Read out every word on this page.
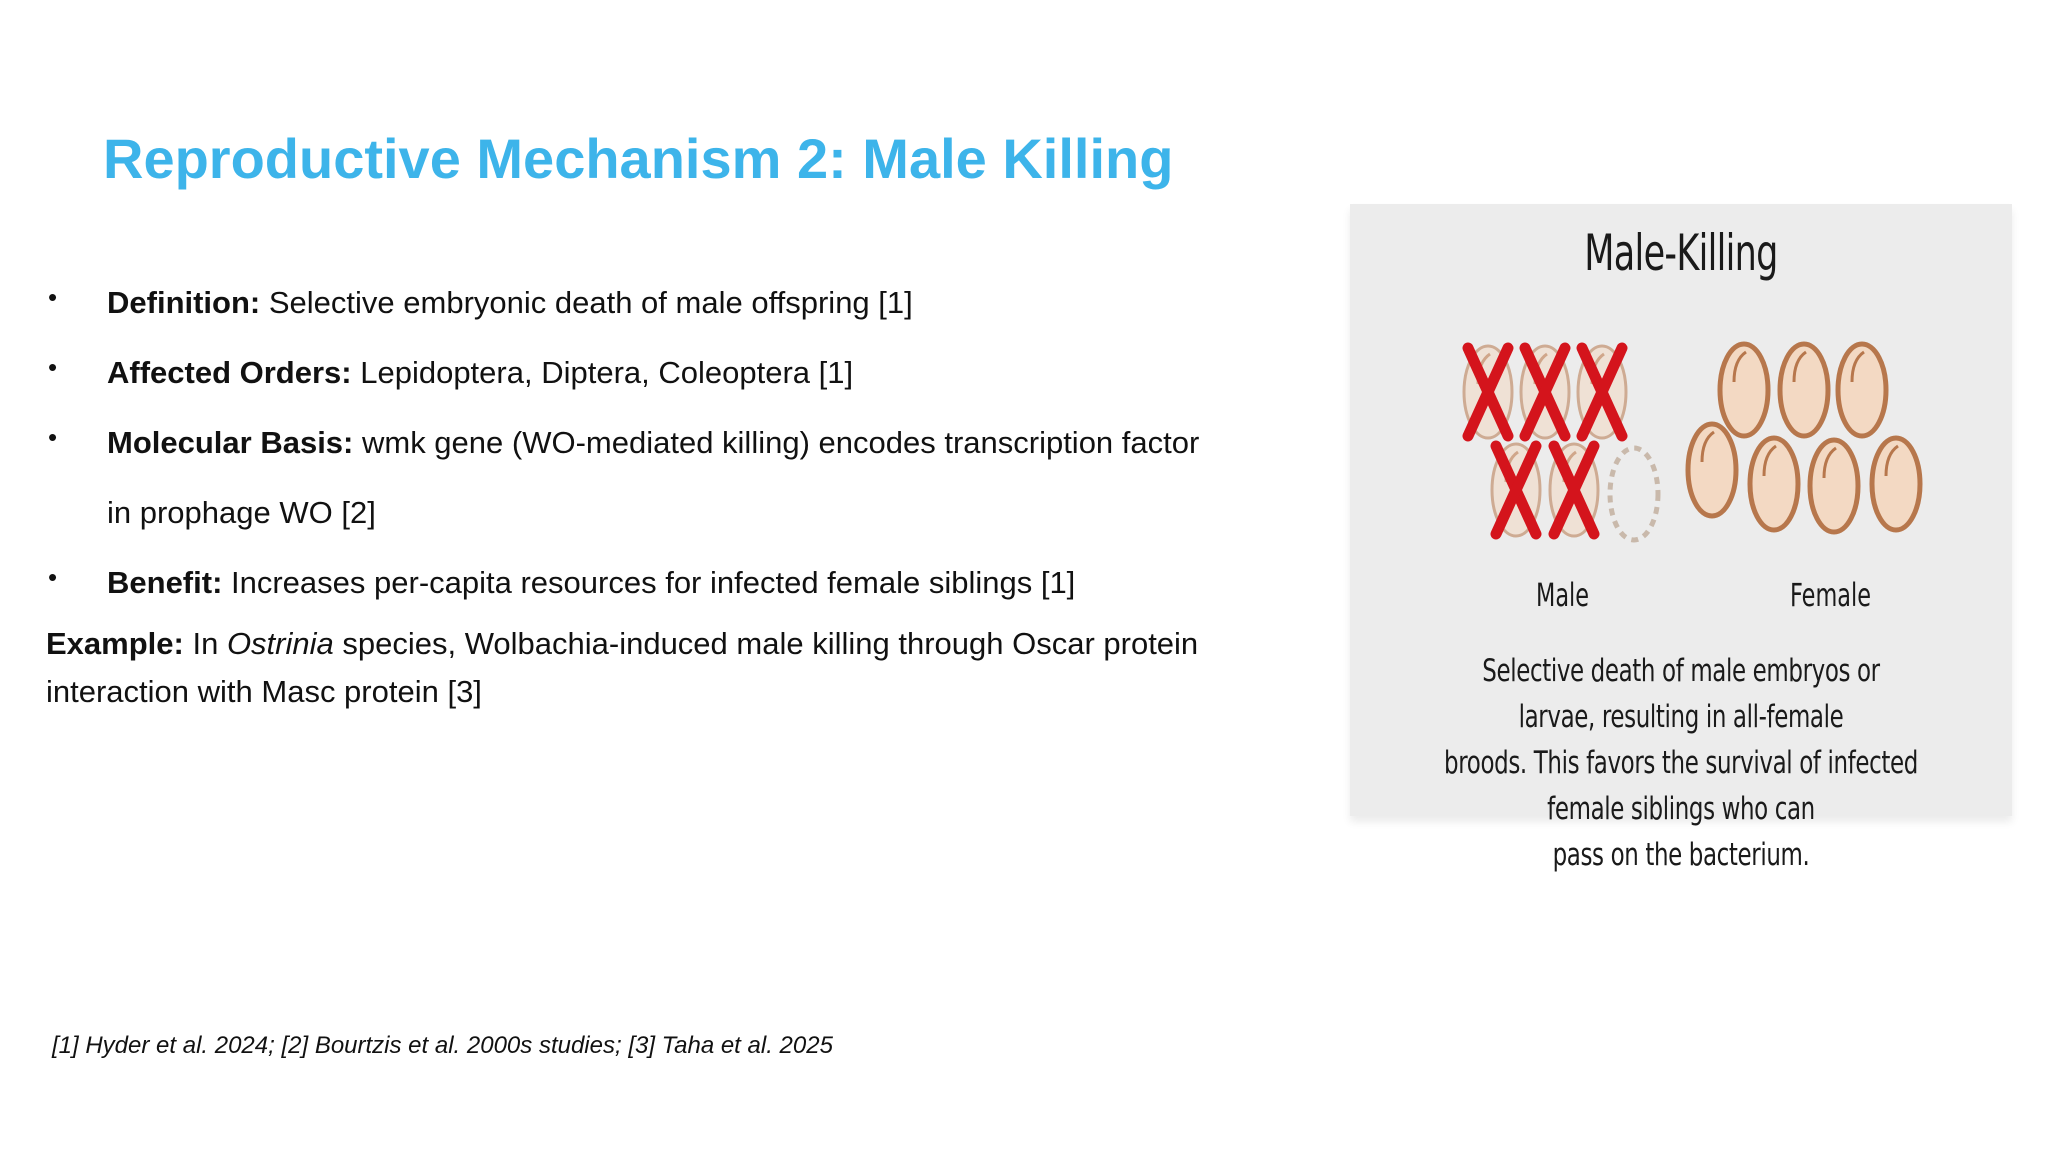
Reproductive Mechanism 2: Male Killing
• Definition: Selective embryonic death of male offspring [1]
• Affected Orders: Lepidoptera, Diptera, Coleoptera [1]
• Molecular Basis: wmk gene (WO-mediated killing) encodes transcription factor
in prophage WO [2]
• Benefit: Increases per-capita resources for infected female siblings [1]

Example: In Ostrinia species, Wolbachia-induced male killing through Oscar protein interaction with Masc protein [3]

[1] Hyder et al. 2024; [2] Bourtzis et al. 2000s studies; [3] Taha et al. 2025

Male-Killing
Male	Female
Selective death of male embryos or larvae, resulting in all-female
broods. This favors the survival of infected female siblings who can
pass on the bacterium.
